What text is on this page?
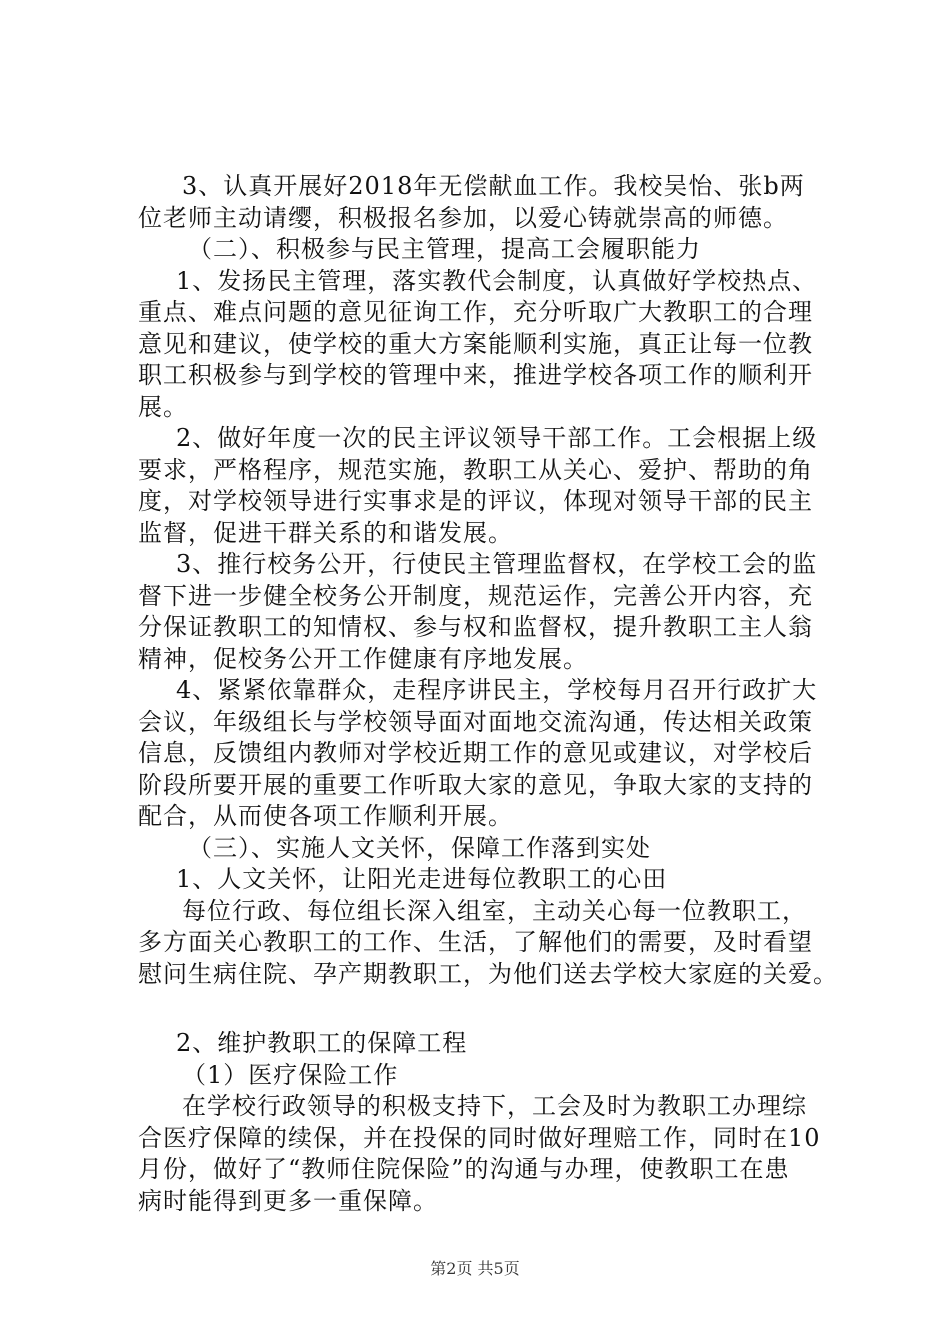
3、认真开展好2018年无偿献血工作。我校吴怡、张b两
位老师主动请缨，积极报名参加，以爱心铸就崇高的师德。
（二）、积极参与民主管理，提高工会履职能力
1、发扬民主管理，落实教代会制度，认真做好学校热点、
重点、难点问题的意见征询工作，充分听取广大教职工的合理
意见和建议，使学校的重大方案能顺利实施，真正让每一位教
职工积极参与到学校的管理中来，推进学校各项工作的顺利开
展。
2、做好年度一次的民主评议领导干部工作。工会根据上级
要求，严格程序，规范实施，教职工从关心、爱护、帮助的角
度，对学校领导进行实事求是的评议，体现对领导干部的民主
监督，促进干群关系的和谐发展。
3、推行校务公开，行使民主管理监督权，在学校工会的监
督下进一步健全校务公开制度，规范运作，完善公开内容，充
分保证教职工的知情权、参与权和监督权，提升教职工主人翁
精神，促校务公开工作健康有序地发展。
4、紧紧依靠群众，走程序讲民主，学校每月召开行政扩大
会议，年级组长与学校领导面对面地交流沟通，传达相关政策
信息，反馈组内教师对学校近期工作的意见或建议，对学校后
阶段所要开展的重要工作听取大家的意见，争取大家的支持的
配合，从而使各项工作顺利开展。
（三）、实施人文关怀，保障工作落到实处
1、人文关怀，让阳光走进每位教职工的心田
每位行政、每位组长深入组室，主动关心每一位教职工，
多方面关心教职工的工作、生活，了解他们的需要，及时看望
慰问生病住院、孕产期教职工，为他们送去学校大家庭的关爱。
2、维护教职工的保障工程
（1）医疗保险工作
在学校行政领导的积极支持下，工会及时为教职工办理综
合医疗保障的续保，并在投保的同时做好理赔工作，同时在10
月份，做好了“教师住院保险”的沟通与办理，使教职工在患
病时能得到更多一重保障。
第2页 共5页
